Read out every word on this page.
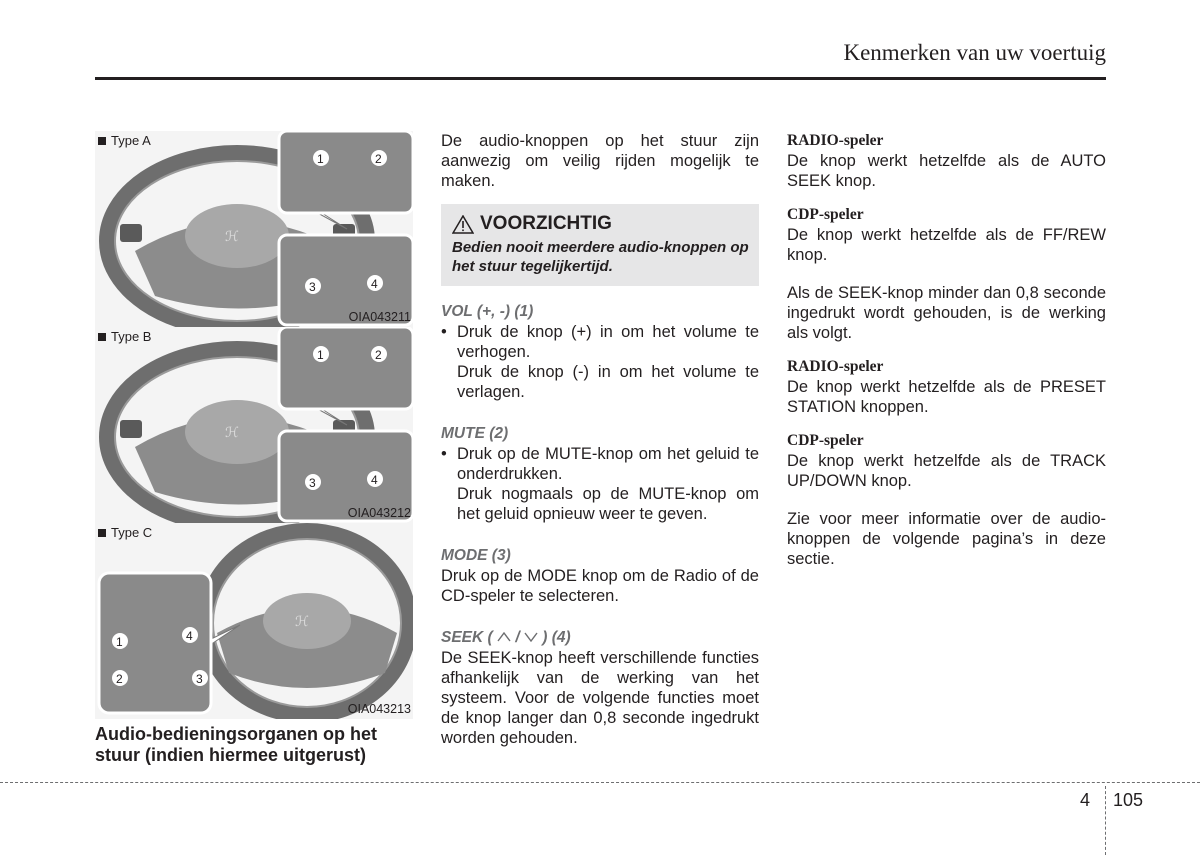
Kenmerken van uw voertuig
ℋ
1	2
3	4
Type A
OIA043211
ℋ
1	2
3	4
Type B
OIA043212
ℋ
1
2	3
4
Type C
OIA043213
Audio-bedieningsorganen op het stuur (indien hiermee uitgerust)
De audio-knoppen op het stuur zijn aanwezig om veilig rijden mogelijk te maken.
VOORZICHTIG
Bedien nooit meerdere audio-knoppen op het stuur tegelijkertijd.
VOL (+, -) (1)
• Druk de knop (+) in om het volume te verhogen.
Druk de knop (-) in om het volume te verlagen.
MUTE (2)
• Druk op de MUTE-knop om het geluid te onderdrukken.
Druk nogmaals op de MUTE-knop om het geluid opnieuw weer te geven.
MODE (3)
Druk op de MODE knop om de Radio of de CD-speler te selecteren.
SEEK ( / ) (4)
De SEEK-knop heeft verschillende functies afhankelijk van de werking van het systeem. Voor de volgende functies moet de knop langer dan 0,8 seconde ingedrukt worden gehouden.
RADIO-speler
De knop werkt hetzelfde als de AUTO SEEK knop.
CDP-speler
De knop werkt hetzelfde als de FF/REW knop.
Als de SEEK-knop minder dan 0,8 seconde ingedrukt wordt gehouden, is de werking als volgt.
RADIO-speler
De knop werkt hetzelfde als de PRESET STATION knoppen.
CDP-speler
De knop werkt hetzelfde als de TRACK UP/DOWN knop.
Zie voor meer informatie over de audio-knoppen de volgende pagina’s in deze sectie.
4 105
